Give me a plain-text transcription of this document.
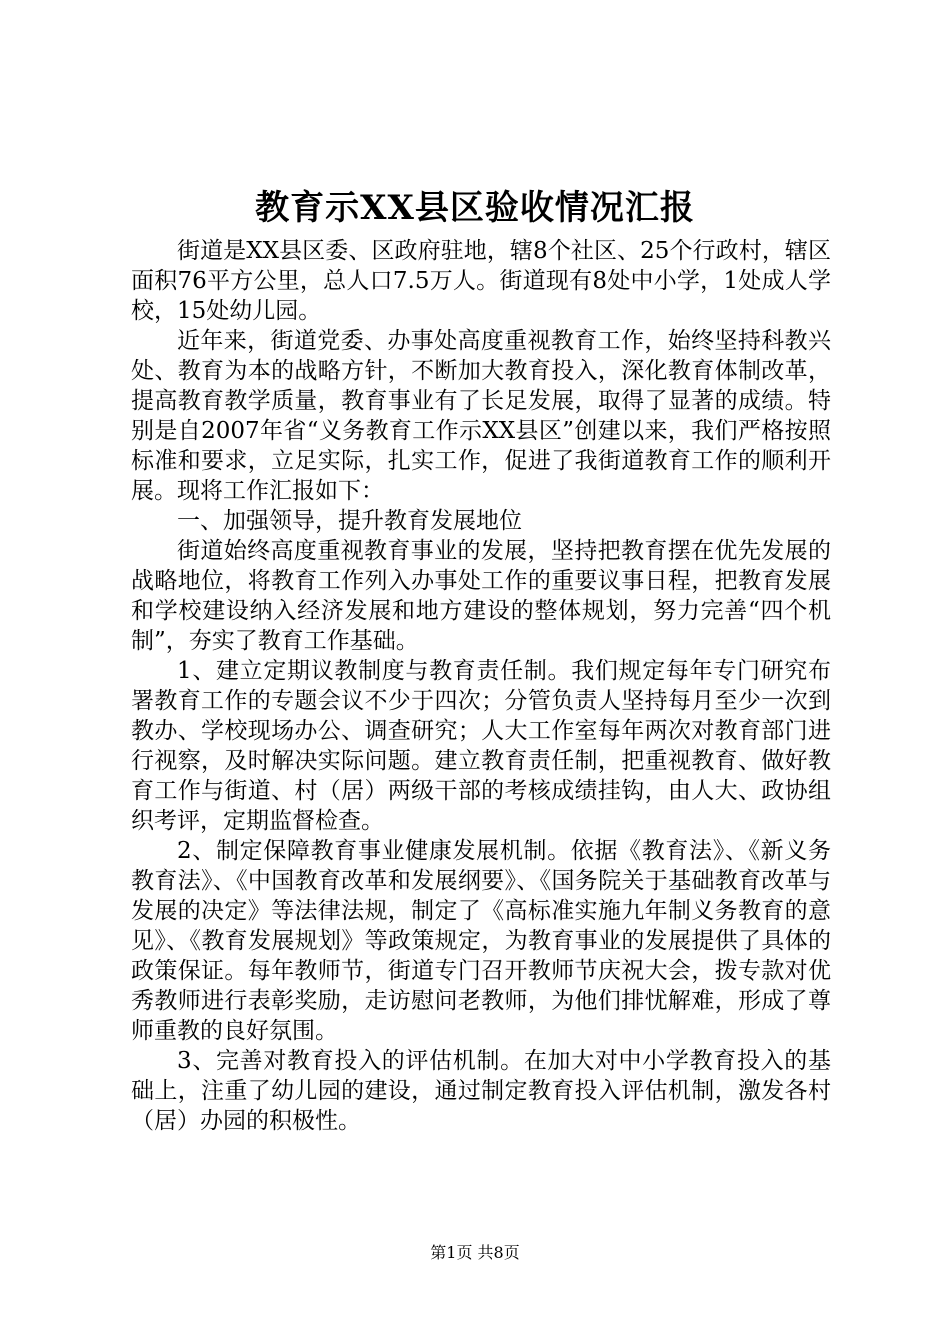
教育示XX县区验收情况汇报

街道是XX县区委、区政府驻地，辖8个社区、25个行政村，辖区面积76平方公里，总人口7.5万人。街道现有8处中小学，1处成人学校，15处幼儿园。

近年来，街道党委、办事处高度重视教育工作，始终坚持科教兴处、教育为本的战略方针，不断加大教育投入，深化教育体制改革，提高教育教学质量，教育事业有了长足发展，取得了显著的成绩。特别是自2007年省“义务教育工作示XX县区”创建以来，我们严格按照标准和要求，立足实际，扎实工作，促进了我街道教育工作的顺利开展。现将工作汇报如下：

一、加强领导，提升教育发展地位

街道始终高度重视教育事业的发展，坚持把教育摆在优先发展的战略地位，将教育工作列入办事处工作的重要议事日程，把教育发展和学校建设纳入经济发展和地方建设的整体规划，努力完善“四个机制”，夯实了教育工作基础。

1、建立定期议教制度与教育责任制。我们规定每年专门研究布署教育工作的专题会议不少于四次；分管负责人坚持每月至少一次到教办、学校现场办公、调查研究；人大工作室每年两次对教育部门进行视察，及时解决实际问题。建立教育责任制，把重视教育、做好教育工作与街道、村（居）两级干部的考核成绩挂钩，由人大、政协组织考评，定期监督检查。

2、制定保障教育事业健康发展机制。依据《教育法》、《新义务教育法》、《中国教育改革和发展纲要》、《国务院关于基础教育改革与发展的决定》等法律法规，制定了《高标准实施九年制义务教育的意见》、《教育发展规划》等政策规定，为教育事业的发展提供了具体的政策保证。每年教师节，街道专门召开教师节庆祝大会，拨专款对优秀教师进行表彰奖励，走访慰问老教师，为他们排忧解难，形成了尊师重教的良好氛围。

3、完善对教育投入的评估机制。在加大对中小学教育投入的基础上，注重了幼儿园的建设，通过制定教育投入评估机制，激发各村（居）办园的积极性。

第1页 共8页
